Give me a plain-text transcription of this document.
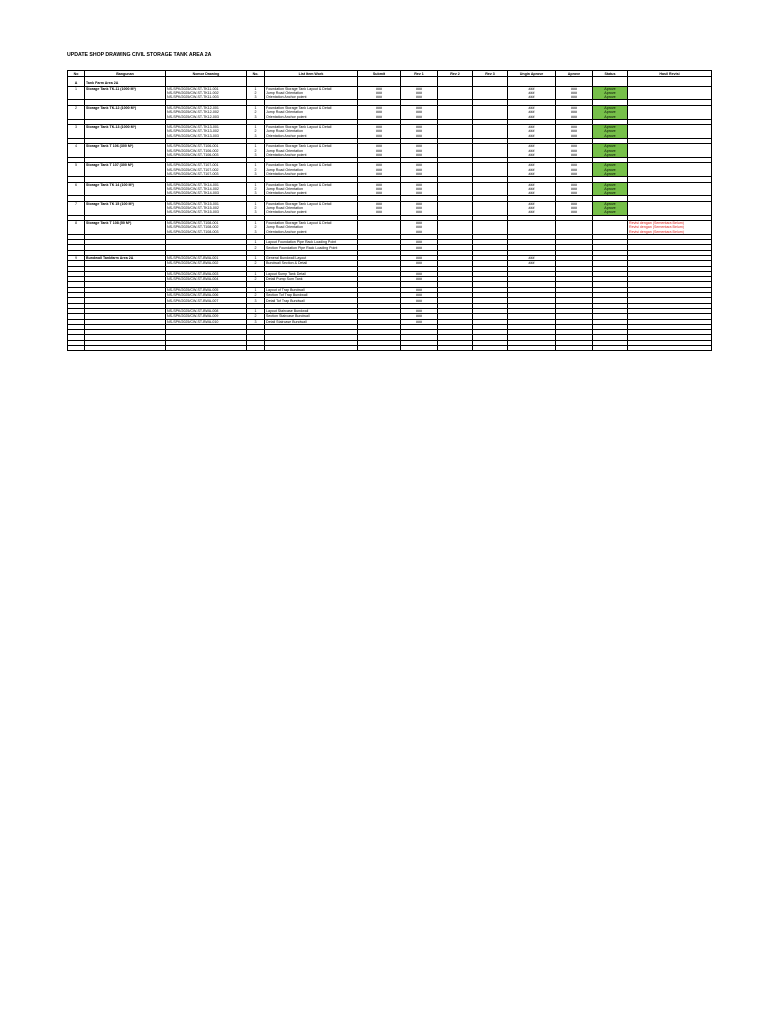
UPDATE SHOP DRAWING CIVIL STORAGE TANK AREA 2A
No	Bangunan	Nomor Drawing	No.	List Item Work	Submit	Rev 1	Rev 2	Rev 3	Ungin Aprove	Aprove	Status	Hasil Revisi

A	Tank Farm Area 2A											
1	Storage Tank TK-11 (1000 M³)	NS-SPK/2025/CW-ST-TK11-001	1	Foundation Storage Tank Layout & Detail	###	###			###	###	Aprove	
		NS-SPK/2025/CW-ST-TK11-002	2	Jump Road Orientation	###	###			###	###	Aprove	
		NS-SPK/2025/CW-ST-TK11-003	3	Orientation Anchor poient	###	###			###	###	Aprove	

2	Storage Tank TK-12 (1000 M³)	NS-SPK/2025/CW-ST-TK12-001	1	Foundation Storage Tank Layout & Detail	###	###			###	###	Aprove	
		NS-SPK/2025/CW-ST-TK12-002	2	Jump Road Orientation	###	###			###	###	Aprove	
		NS-SPK/2025/CW-ST-TK12-003	3	Orientation Anchor poient	###	###			###	###	Aprove	

3	Storage Tank TK-13 (1000 M³)	NS-SPK/2025/CW-ST-TK13-001	1	Foundation Storage Tank Layout & Detail	###	###			###	###	Aprove	
		NS-SPK/2025/CW-ST-TK13-002	2	Jump Road Orientation	###	###			###	###	Aprove	
		NS-SPK/2025/CW-ST-TK13-003	3	Orientation Anchor poient	###	###			###	###	Aprove	

4	Storage Tank T 106 (300 M³)	NS-SPK/2025/CW-ST-T106-001	1	Foundation Storage Tank Layout & Detail	###	###			###	###	Aprove	
		NS-SPK/2025/CW-ST-T106-002	2	Jump Road Orientation	###	###			###	###	Aprove	
		NS-SPK/2025/CW-ST-T106-003	3	Orientation Anchor poient	###	###			###	###	Aprove	

5	Storage Tank T 107 (300 M³)	NS-SPK/2025/CW-ST-T107-001	1	Foundation Storage Tank Layout & Detail	###	###			###	###	Aprove	
		NS-SPK/2025/CW-ST-T107-002	2	Jump Road Orientation	###	###			###	###	Aprove	
		NS-SPK/2025/CW-ST-T107-003	3	Orientation Anchor poient	###	###			###	###	Aprove	

6	Storage Tank TK 14 (100 M³)	NS-SPK/2025/CW-ST-TK14-001	1	Foundation Storage Tank Layout & Detail	###	###			###	###	Aprove	
		NS-SPK/2025/CW-ST-TK14-002	2	Jump Road Orientation	###	###			###	###	Aprove	
		NS-SPK/2025/CW-ST-TK14-003	3	Orientation Anchor poient	###	###			###	###	Aprove	

7	Storage Tank TK 15 (100 M³)	NS-SPK/2025/CW-ST-TK15-001	1	Foundation Storage Tank Layout & Detail	###	###			###	###	Aprove	
		NS-SPK/2025/CW-ST-TK15-002	2	Jump Road Orientation	###	###			###	###	Aprove	
		NS-SPK/2025/CW-ST-TK15-003	3	Orientation Anchor poient	###	###			###	###	Aprove	

8	Storage Tank T 108 (50 M³)	NS-SPK/2025/CW-ST-T108-001	1	Foundation Storage Tank Layout & Detail		###						Revisi dengan (Sementara Belum)
		NS-SPK/2025/CW-ST-T108-002	2	Jump Road Orientation		###						Revisi dengan (Sementara Belum)
		NS-SPK/2025/CW-ST-T108-003	3	Orientation Anchor poient		###						Revisi dengan (Sementara Belum)

			1	Layout Foundation Pipe Rack Loading Point		###						
			2	Section Foundation Pipe Rack Loading Point		###						

9	Bundwall Tankfarm Area 2A	NS-SPK/2025/CW-ST-BWA-001	1	General Bundwall Layout		###			###			
		NS-SPK/2025/CW-ST-BWA-002	2	Bundwall Section & Detail		###			###			

		NS-SPK/2025/CW-ST-BWA-003	1	Layout Sump Tank Detail		###						
		NS-SPK/2025/CW-ST-BWA-004	2	Detail Pump Sum Tank		###						

		NS-SPK/2025/CW-ST-BWA-005	1	Layout of Trap Bundwall		###						
		NS-SPK/2025/CW-ST-BWA-006	2	Section Tof Trap Bundwall		###						
		NS-SPK/2025/CW-ST-BWA-007	3	Detail Tof Trap Bundwall		###						

		NS-SPK/2025/CW-ST-BWA-008	1	Layout Staircase Bundwall		###						
		NS-SPK/2025/CW-ST-BWA-009	2	Section Staircase Bundwall		###						
		NS-SPK/2025/CW-ST-BWA-010	3	Detail Staircase Bundwall		###						
